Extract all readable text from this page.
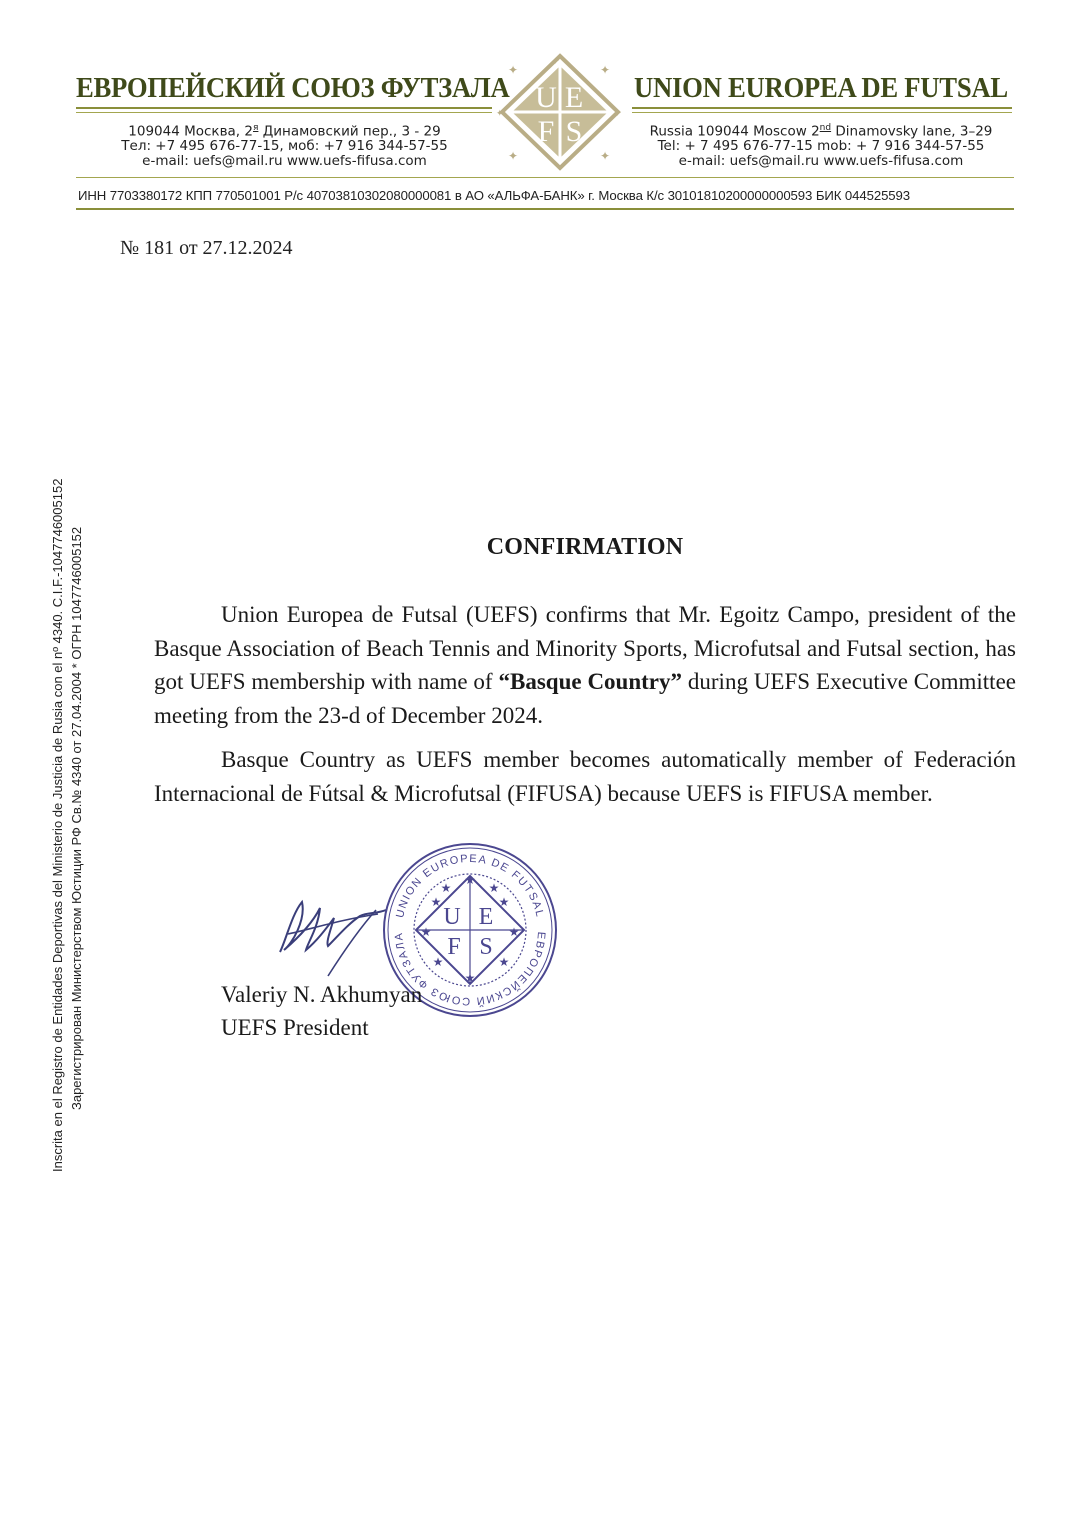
ЕВРОПЕЙСКИЙ СОЮЗ ФУТЗАЛА	UNION EUROPEA DE FUTSAL
✦	✦
✦	✦
✦
✦	✦
U E
F S
109044 Москва, $2^я$ Динамовский пер., 3 - 29
Тел: +7 495 676-77-15, моб: +7 916 344-57-55
e-mail: uefs@mail.ru www.uefs-fifusa.com
Russia 109044 Moscow 2nd Dinamovsky lane, 3–29
Tel: + 7 495 676-77-15 mob: + 7 916 344-57-55
e-mail: uefs@mail.ru www.uefs-fifusa.com
ИНН 7703380172 КПП 770501001 Р/с 40703810302080000081 в АО «АЛЬФА-БАНК» г. Москва К/с 30101810200000000593 БИК 044525593
№ 181 от 27.12.2024
Inscrita en el Registro de Entidades Deportivas del Ministerio de Justicia de Rusia con el nº 4340. C.I.F.-1047746005152 Зарегистрирован Министерством Юстиции РФ Св.№ 4340 от 27.04.2004 * ОГРН 1047746005152	CONFIRMATION
Union Europea de Futsal (UEFS) confirms that Mr. Egoitz Campo, president of the Basque Association of Beach Tennis and Minority Sports, Microfutsal and Futsal section, has got UEFS membership with name of “Basque Country” during UEFS Executive Committee meeting from the 23-d of December 2024.
Basque Country as UEFS member becomes automatically member of Federación Internacional de Fútsal & Microfutsal (FIFUSA) because UEFS is FIFUSA member.
UNION EUROPEA DE FUTSAL
ЕВРОПЕЙСКИЙ СОЮЗ ФУТЗАЛА
U E
F S
★
★	★
★	★
★	★
★
★	★
Valeriy N. Akhumyan
UEFS President
